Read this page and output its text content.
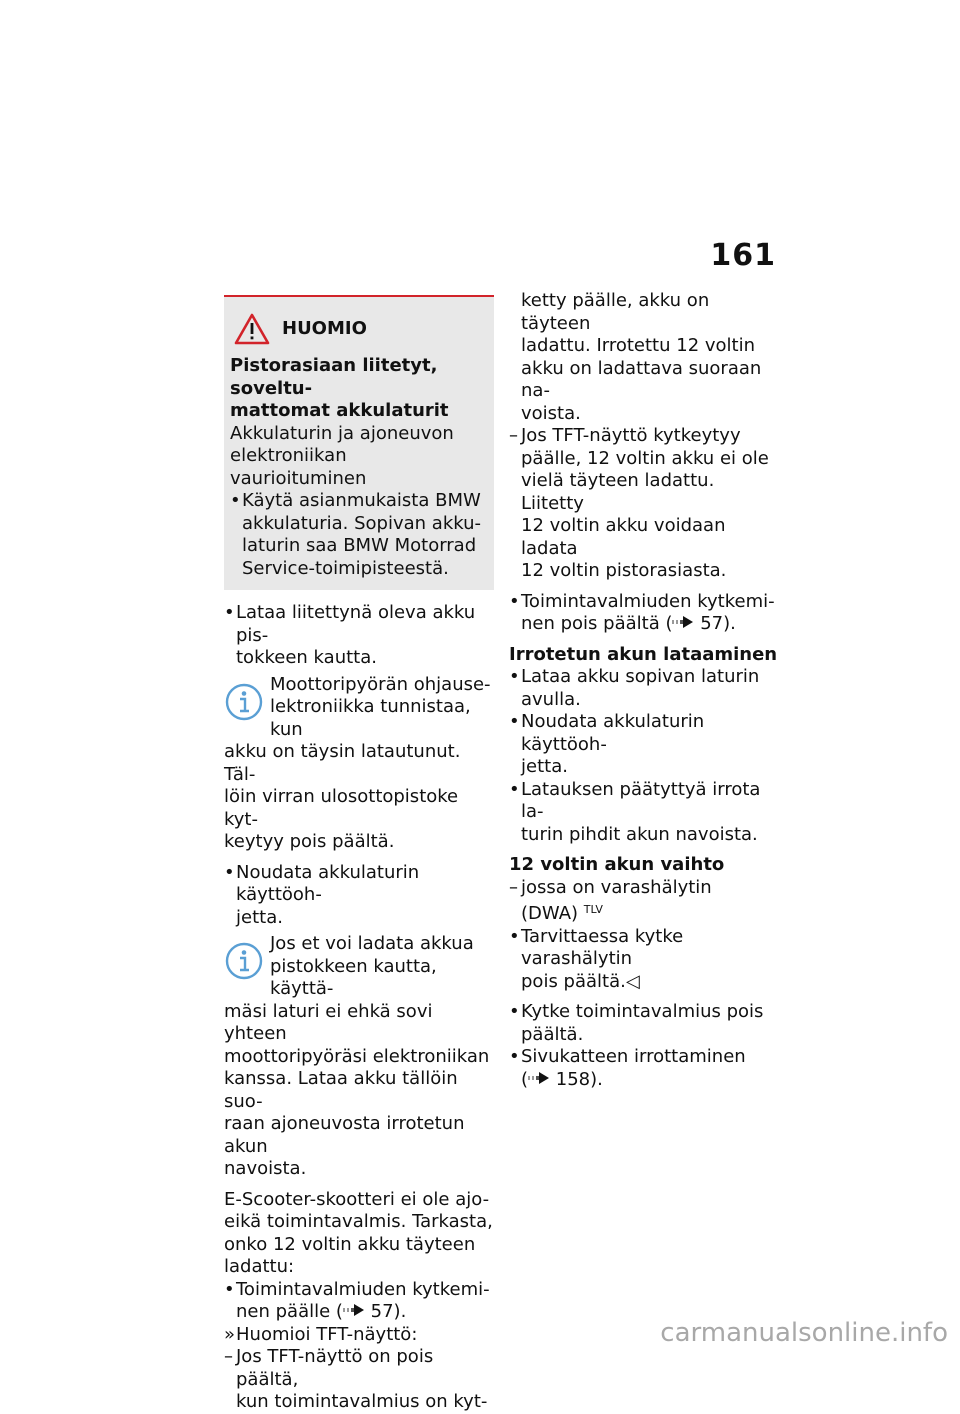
161
HUOMIO

Pistorasiaan liitetyt, soveltu-

mattomat akkulaturit

Akkulaturin ja ajoneuvon

elektroniikan vaurioituminen

• Käytä asianmukaista BMW

akkulaturia. Sopivan akku-

laturin saa BMW Motorrad

Service-toimipisteestä.

• Lataa liitettynä oleva akku pis-

tokkeen kautta.

Moottoripyörän ohjause-

lektroniikka tunnistaa, kun

akku on täysin latautunut. Täl-

löin virran ulosottopistoke kyt-

keytyy pois päältä.

• Noudata akkulaturin käyttöoh-

jetta.

Jos et voi ladata akkua

pistokkeen kautta, käyttä-

mäsi laturi ei ehkä sovi yhteen

moottoripyöräsi elektroniikan

kanssa. Lataa akku tällöin suo-

raan ajoneuvosta irrotetun akun

navoista.

E-Scooter-skootteri ei ole ajo-

eikä toimintavalmis. Tarkasta,

onko 12 voltin akku täyteen

ladattu:

• Toimintavalmiuden kytkemi-

nen päälle ( 57).

» Huomioi TFT-näyttö:

– Jos TFT-näyttö on pois päältä,

kun toimintavalmius on kyt-

ketty päälle, akku on täyteen

ladattu. Irrotettu 12 voltin

akku on ladattava suoraan na-

voista.

– Jos TFT-näyttö kytkeytyy

päälle, 12 voltin akku ei ole

vielä täyteen ladattu. Liitetty

12 voltin akku voidaan ladata

12 voltin pistorasiasta.

• Toimintavalmiuden kytkemi-

nen pois päältä ( 57).

Irrotetun akun lataaminen

• Lataa akku sopivan laturin

avulla.

• Noudata akkulaturin käyttöoh-

jetta.

• Latauksen päätyttyä irrota la-

turin pihdit akun navoista.

12 voltin akun vaihto

– jossa on varashälytin

(DWA) $^{TLV}$

• Tarvittaessa kytke varashälytin

pois päältä.◁

• Kytke toimintavalmius pois

päältä.

• Sivukatteen irrottaminen

( 158).

carmanualsonline.info
